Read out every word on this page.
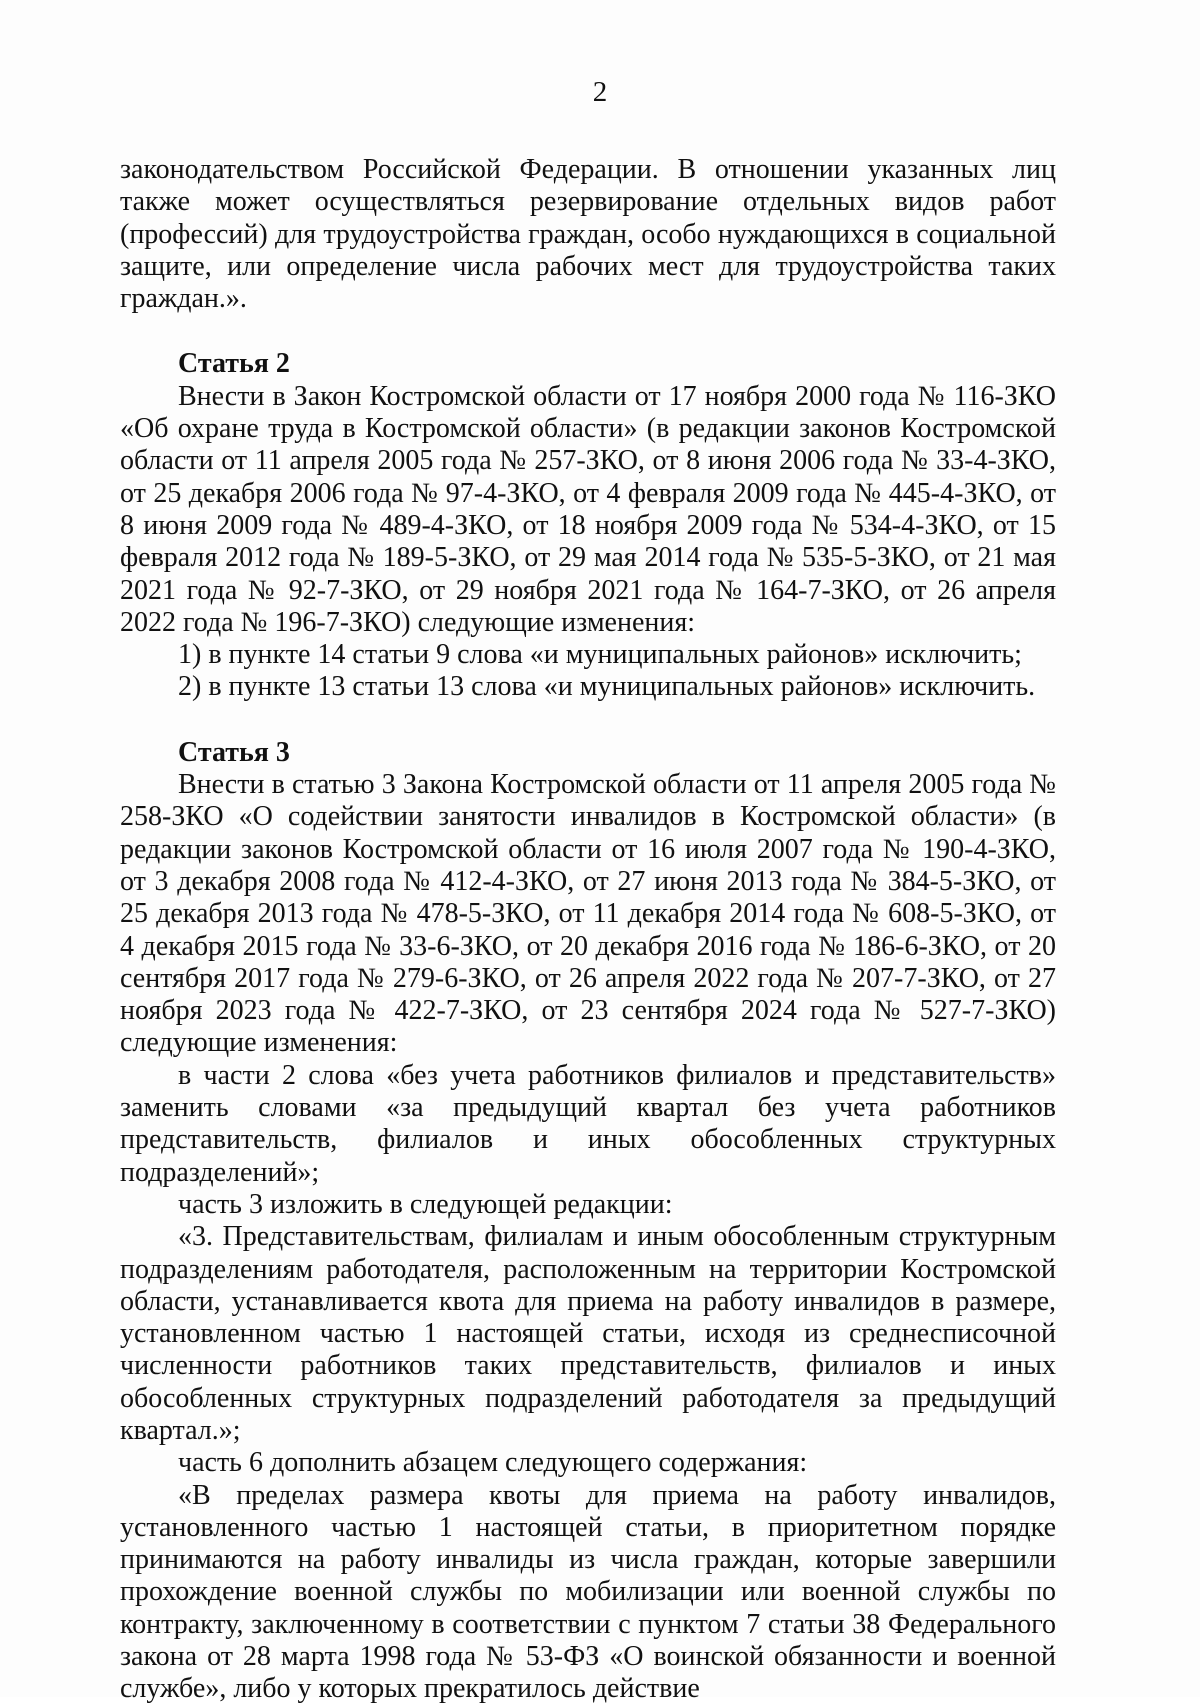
2

законодательством Российской Федерации. В отношении указанных лиц также может осуществляться резервирование отдельных видов работ (профессий) для трудоустройства граждан, особо нуждающихся в социальной защите, или определение числа рабочих мест для трудоустройства таких граждан.».

Статья 2

Внести в Закон Костромской области от 17 ноября 2000 года № 116-ЗКО «Об охране труда в Костромской области» (в редакции законов Костромской области от 11 апреля 2005 года № 257-ЗКО, от 8 июня 2006 года № 33-4-ЗКО, от 25 декабря 2006 года № 97-4-ЗКО, от 4 февраля 2009 года № 445-4-ЗКО, от 8 июня 2009 года № 489-4-ЗКО, от 18 ноября 2009 года № 534-4-ЗКО, от 15 февраля 2012 года № 189-5-ЗКО, от 29 мая 2014 года № 535-5-ЗКО, от 21 мая 2021 года № 92-7-ЗКО, от 29 ноября 2021 года № 164-7-ЗКО, от 26 апреля 2022 года № 196-7-ЗКО) следующие изменения:

1) в пункте 14 статьи 9 слова «и муниципальных районов» исключить;

2) в пункте 13 статьи 13 слова «и муниципальных районов» исключить.

Статья 3

Внести в статью 3 Закона Костромской области от 11 апреля 2005 года № 258-ЗКО «О содействии занятости инвалидов в Костромской области» (в редакции законов Костромской области от 16 июля 2007 года № 190-4-ЗКО, от 3 декабря 2008 года № 412-4-ЗКО, от 27 июня 2013 года № 384-5-ЗКО, от 25 декабря 2013 года № 478-5-ЗКО, от 11 декабря 2014 года № 608-5-ЗКО, от 4 декабря 2015 года № 33-6-ЗКО, от 20 декабря 2016 года № 186-6-ЗКО, от 20 сентября 2017 года № 279-6-ЗКО, от 26 апреля 2022 года № 207-7-ЗКО, от 27 ноября 2023 года № 422-7-ЗКО, от 23 сентября 2024 года № 527-7-ЗКО) следующие изменения:

в части 2 слова «без учета работников филиалов и представительств» заменить словами «за предыдущий квартал без учета работников представительств, филиалов и иных обособленных структурных подразделений»;

часть 3 изложить в следующей редакции:

«3. Представительствам, филиалам и иным обособленным структурным подразделениям работодателя, расположенным на территории Костромской области, устанавливается квота для приема на работу инвалидов в размере, установленном частью 1 настоящей статьи, исходя из среднесписочной численности работников таких представительств, филиалов и иных обособленных структурных подразделений работодателя за предыдущий квартал.»;

часть 6 дополнить абзацем следующего содержания:

«В пределах размера квоты для приема на работу инвалидов, установленного частью 1 настоящей статьи, в приоритетном порядке принимаются на работу инвалиды из числа граждан, которые завершили прохождение военной службы по мобилизации или военной службы по контракту, заключенному в соответствии с пунктом 7 статьи 38 Федерального закона от 28 марта 1998 года № 53-ФЗ «О воинской обязанности и военной службе», либо у которых прекратилось действие
